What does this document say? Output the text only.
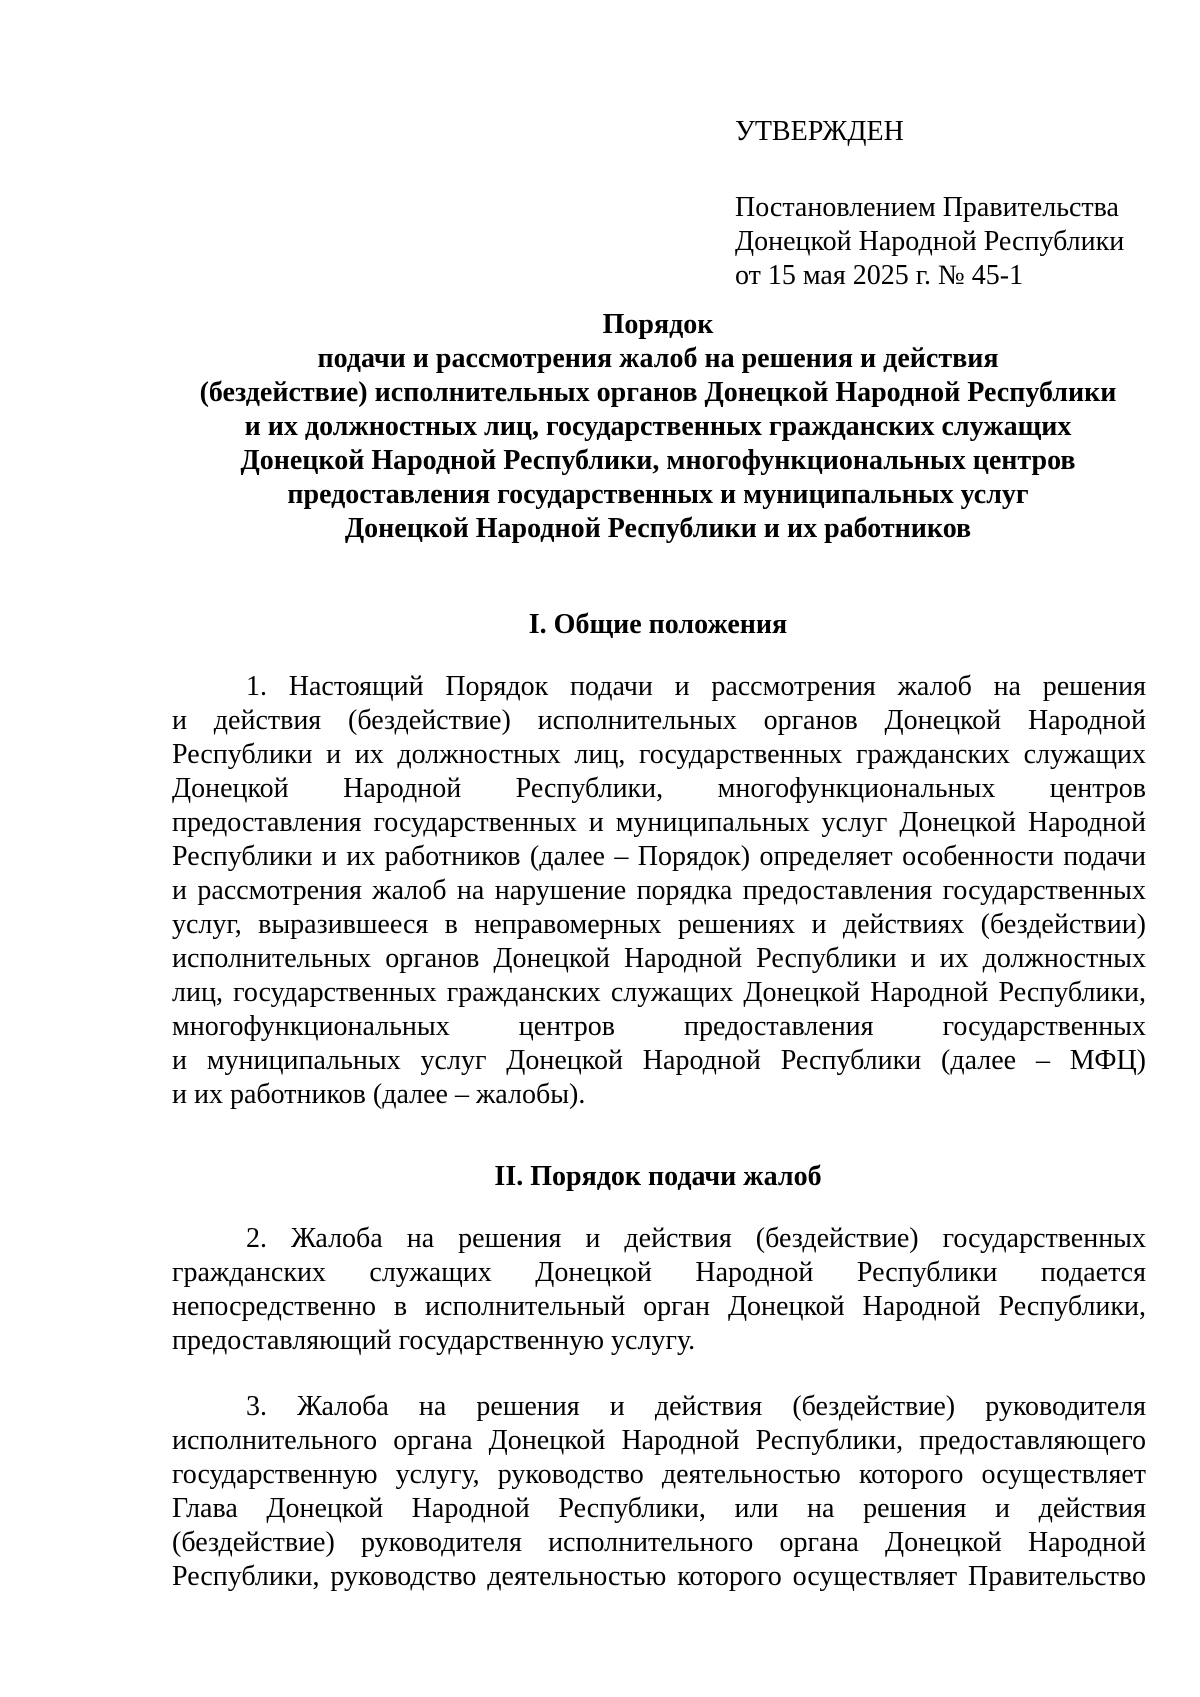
УТВЕРЖДЕН

Постановлением Правительства
Донецкой Народной Республики
от 15 мая 2025 г. № 45-1

Порядок
подачи и рассмотрения жалоб на решения и действия
(бездействие) исполнительных органов Донецкой Народной Республики
и их должностных лиц, государственных гражданских служащих
Донецкой Народной Республики, многофункциональных центров
предоставления государственных и муниципальных услуг
Донецкой Народной Республики и их работников
I. Общие положения
1. Настоящий Порядок подачи и рассмотрения жалоб на решения
и действия (бездействие) исполнительных органов Донецкой Народной
Республики и их должностных лиц, государственных гражданских служащих
Донецкой Народной Республики, многофункциональных центров
предоставления государственных и муниципальных услуг Донецкой Народной
Республики и их работников (далее – Порядок) определяет особенности подачи
и рассмотрения жалоб на нарушение порядка предоставления государственных
услуг, выразившееся в неправомерных решениях и действиях (бездействии)
исполнительных органов Донецкой Народной Республики и их должностных
лиц, государственных гражданских служащих Донецкой Народной Республики,
многофункциональных центров предоставления государственных
и муниципальных услуг Донецкой Народной Республики (далее – МФЦ)
и их работников (далее – жалобы).
II. Порядок подачи жалоб
2. Жалоба на решения и действия (бездействие) государственных
гражданских служащих Донецкой Народной Республики подается
непосредственно в исполнительный орган Донецкой Народной Республики,
предоставляющий государственную услугу.
3. Жалоба на решения и действия (бездействие) руководителя
исполнительного органа Донецкой Народной Республики, предоставляющего
государственную услугу, руководство деятельностью которого осуществляет
Глава Донецкой Народной Республики, или на решения и действия
(бездействие) руководителя исполнительного органа Донецкой Народной
Республики, руководство деятельностью которого осуществляет Правительство
